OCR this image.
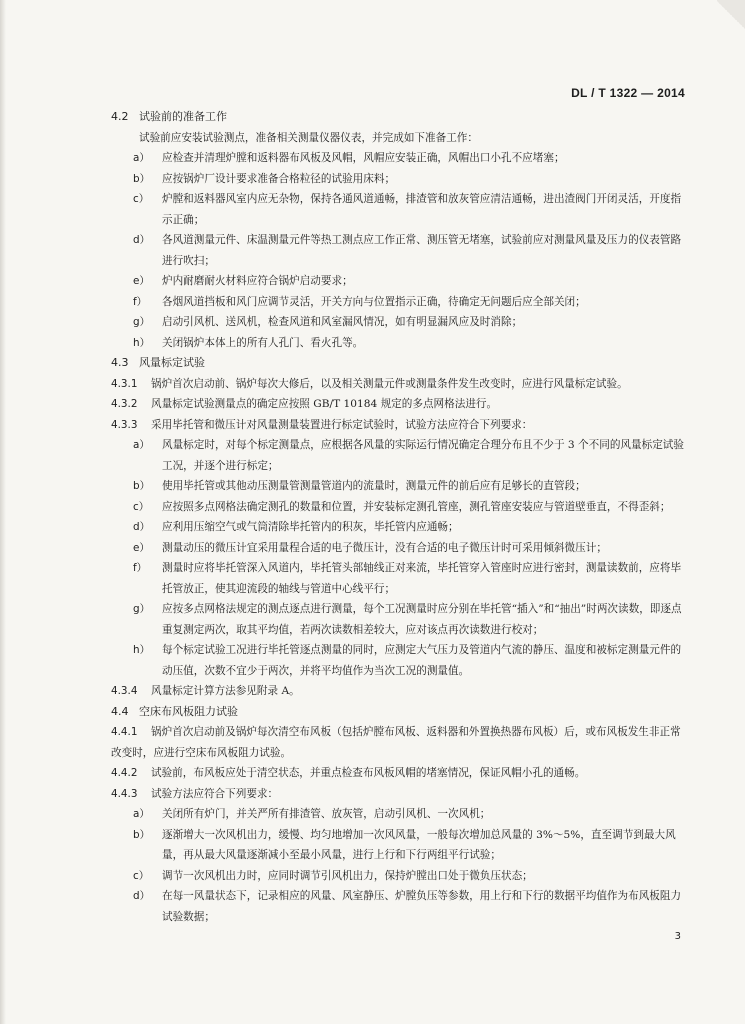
DL / T 1322 — 2014
4.2 试验前的准备工作
试验前应安装试验测点，准备相关测量仪器仪表，并完成如下准备工作：
a） 应检查并清理炉膛和返料器布风板及风帽，风帽应安装正确，风帽出口小孔不应堵塞；
b） 应按锅炉厂设计要求准备合格粒径的试验用床料；
c） 炉膛和返料器风室内应无杂物，保持各通风道通畅，排渣管和放灰管应清洁通畅，进出渣阀门开闭灵活，开度指示正确；
d） 各风道测量元件、床温测量元件等热工测点应工作正常、测压管无堵塞，试验前应对测量风量及压力的仪表管路进行吹扫；
e） 炉内耐磨耐火材料应符合锅炉启动要求；
f） 各烟风道挡板和风门应调节灵活，开关方向与位置指示正确，待确定无问题后应全部关闭；
g） 启动引风机、送风机，检查风道和风室漏风情况，如有明显漏风应及时消除；
h） 关闭锅炉本体上的所有人孔门、看火孔等。
4.3 风量标定试验
4.3.1 锅炉首次启动前、锅炉每次大修后，以及相关测量元件或测量条件发生改变时，应进行风量标定试验。
4.3.2 风量标定试验测量点的确定应按照 GB/T 10184 规定的多点网格法进行。
4.3.3 采用毕托管和微压计对风量测量装置进行标定试验时，试验方法应符合下列要求：
a） 风量标定时，对每个标定测量点，应根据各风量的实际运行情况确定合理分布且不少于 3 个不同的风量标定试验工况，并逐个进行标定；
b） 使用毕托管或其他动压测量管测量管道内的流量时，测量元件的前后应有足够长的直管段；
c） 应按照多点网格法确定测孔的数量和位置，并安装标定测孔管座，测孔管座安装应与管道壁垂直，不得歪斜；
d） 应利用压缩空气或气筒清除毕托管内的积灰，毕托管内应通畅；
e） 测量动压的微压计宜采用量程合适的电子微压计，没有合适的电子微压计时可采用倾斜微压计；
f） 测量时应将毕托管深入风道内，毕托管头部轴线正对来流，毕托管穿入管座时应进行密封，测量读数前，应将毕托管放正，使其迎流段的轴线与管道中心线平行；
g） 应按多点网格法规定的测点逐点进行测量，每个工况测量时应分别在毕托管“插入”和“抽出”时两次读数，即逐点重复测定两次，取其平均值，若两次读数相差较大，应对该点再次读数进行校对；
h） 每个标定试验工况进行毕托管逐点测量的同时，应测定大气压力及管道内气流的静压、温度和被标定测量元件的动压值，次数不宜少于两次，并将平均值作为当次工况的测量值。
4.3.4 风量标定计算方法参见附录 A。
4.4 空床布风板阻力试验
4.4.1 锅炉首次启动前及锅炉每次清空布风板（包括炉膛布风板、返料器和外置换热器布风板）后，或布风板发生非正常改变时，应进行空床布风板阻力试验。
4.4.2 试验前，布风板应处于清空状态，并重点检查布风板风帽的堵塞情况，保证风帽小孔的通畅。
4.4.3 试验方法应符合下列要求：
a） 关闭所有炉门，并关严所有排渣管、放灰管，启动引风机、一次风机；
b） 逐渐增大一次风机出力，缓慢、均匀地增加一次风风量，一般每次增加总风量的 3%～5%，直至调节到最大风量，再从最大风量逐渐减小至最小风量，进行上行和下行两组平行试验；
c） 调节一次风机出力时，应同时调节引风机出力，保持炉膛出口处于微负压状态；
d） 在每一风量状态下，记录相应的风量、风室静压、炉膛负压等参数，用上行和下行的数据平均值作为布风板阻力试验数据；
3
